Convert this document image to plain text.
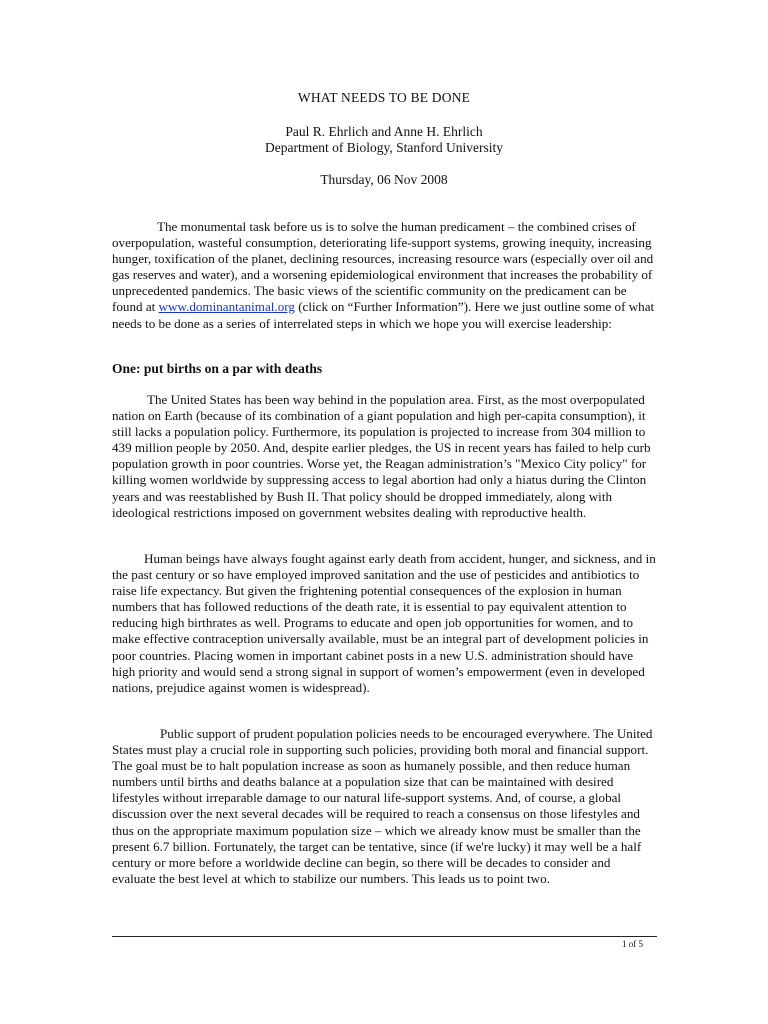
WHAT NEEDS TO BE DONE
Paul R. Ehrlich and Anne H. Ehrlich
Department of Biology, Stanford University
Thursday, 06 Nov 2008

The monumental task before us is to solve the human predicament – the combined crises of overpopulation, wasteful consumption, deteriorating life-support systems, growing inequity, increasing hunger, toxification of the planet, declining resources, increasing resource wars (especially over oil and gas reserves and water), and a worsening epidemiological environment that increases the probability of unprecedented pandemics. The basic views of the scientific community on the predicament can be found at www.dominantanimal.org (click on “Further Information”). Here we just outline some of what needs to be done as a series of interrelated steps in which we hope you will exercise leadership:

One: put births on a par with deaths

The United States has been way behind in the population area. First, as the most overpopulated nation on Earth (because of its combination of a giant population and high per-capita consumption), it still lacks a population policy. Furthermore, its population is projected to increase from 304 million to 439 million people by 2050. And, despite earlier pledges, the US in recent years has failed to help curb population growth in poor countries. Worse yet, the Reagan administration’s "Mexico City policy" for killing women worldwide by suppressing access to legal abortion had only a hiatus during the Clinton years and was reestablished by Bush II. That policy should be dropped immediately, along with ideological restrictions imposed on government websites dealing with reproductive health.

Human beings have always fought against early death from accident, hunger, and sickness, and in the past century or so have employed improved sanitation and the use of pesticides and antibiotics to raise life expectancy. But given the frightening potential consequences of the explosion in human numbers that has followed reductions of the death rate, it is essential to pay equivalent attention to reducing high birthrates as well. Programs to educate and open job opportunities for women, and to make effective contraception universally available, must be an integral part of development policies in poor countries. Placing women in important cabinet posts in a new U.S. administration should have high priority and would send a strong signal in support of women’s empowerment (even in developed nations, prejudice against women is widespread).

Public support of prudent population policies needs to be encouraged everywhere. The United States must play a crucial role in supporting such policies, providing both moral and financial support. The goal must be to halt population increase as soon as humanely possible, and then reduce human numbers until births and deaths balance at a population size that can be maintained with desired lifestyles without irreparable damage to our natural life-support systems. And, of course, a global discussion over the next several decades will be required to reach a consensus on those lifestyles and thus on the appropriate maximum population size – which we already know must be smaller than the present 6.7 billion. Fortunately, the target can be tentative, since (if we're lucky) it may well be a half century or more before a worldwide decline can begin, so there will be decades to consider and evaluate the best level at which to stabilize our numbers. This leads us to point two.

1 of 5
